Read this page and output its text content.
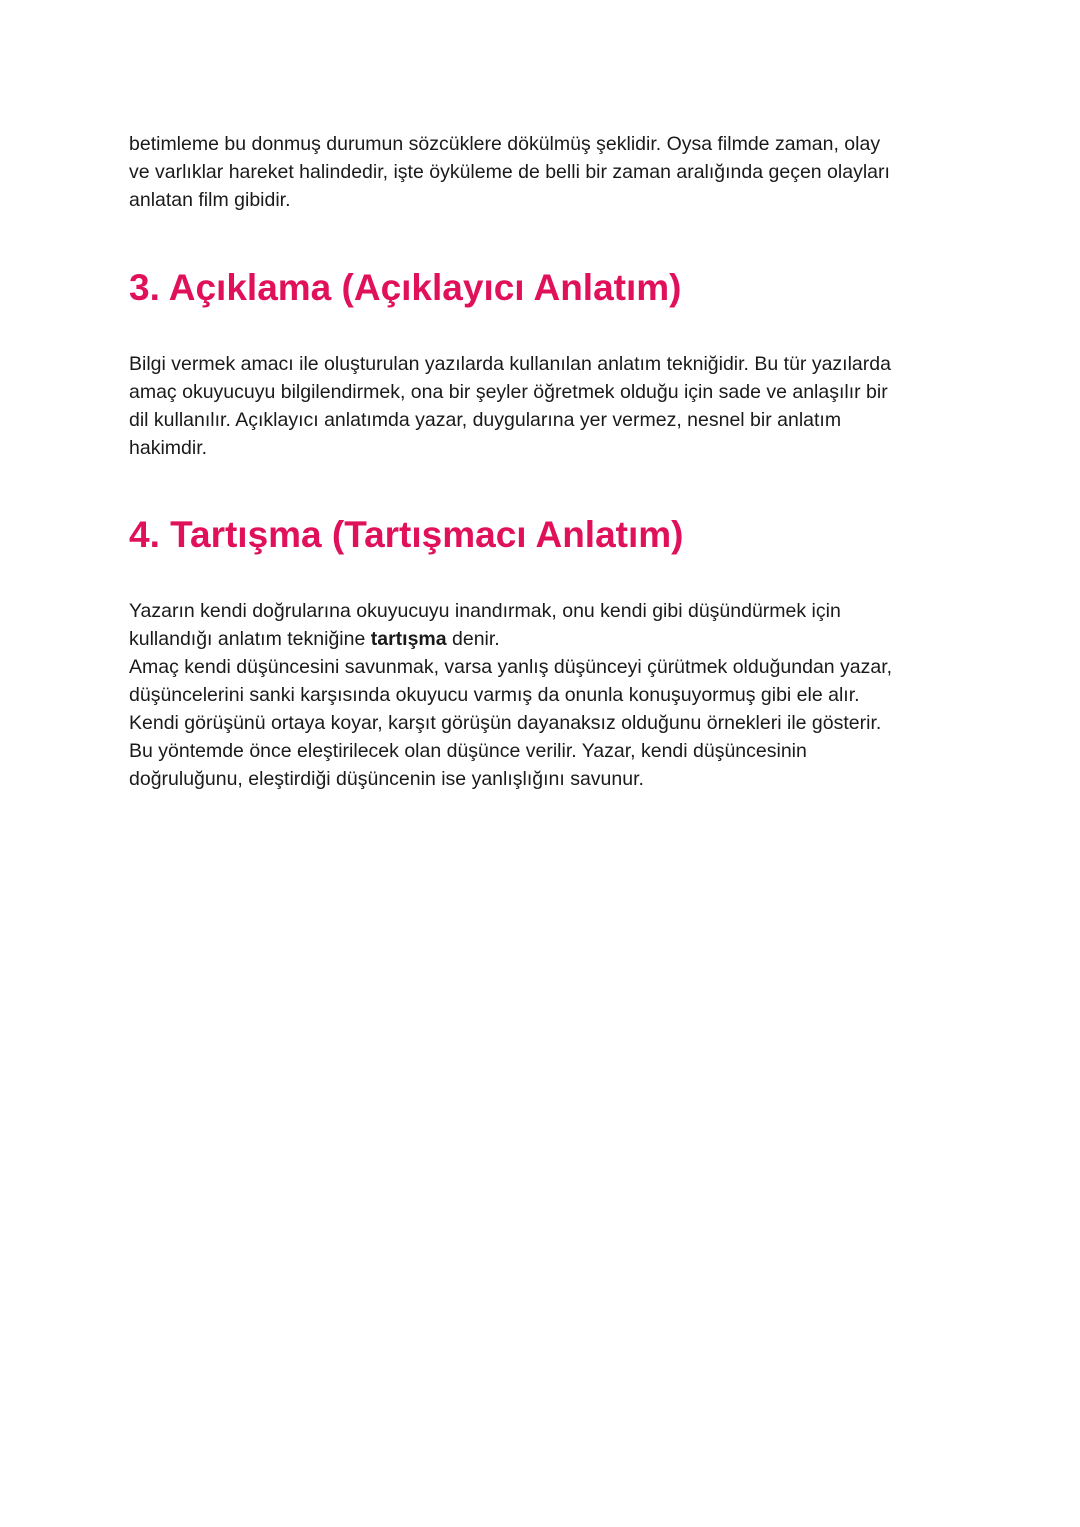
betimleme bu donmuş durumun sözcüklere dökülmüş şeklidir. Oysa filmde zaman, olay
ve varlıklar hareket halindedir, işte öyküleme de belli bir zaman aralığında geçen olayları
anlatan film gibidir.

3. Açıklama (Açıklayıcı Anlatım)

Bilgi vermek amacı ile oluşturulan yazılarda kullanılan anlatım tekniğidir. Bu tür yazılarda
amaç okuyucuyu bilgilendirmek, ona bir şeyler öğretmek olduğu için sade ve anlaşılır bir
dil kullanılır. Açıklayıcı anlatımda yazar, duygularına yer vermez, nesnel bir anlatım
hakimdir.

4. Tartışma (Tartışmacı Anlatım)

Yazarın kendi doğrularına okuyucuyu inandırmak, onu kendi gibi düşündürmek için
kullandığı anlatım tekniğine tartışma denir.
Amaç kendi düşüncesini savunmak, varsa yanlış düşünceyi çürütmek olduğundan yazar,
düşüncelerini sanki karşısında okuyucu varmış da onunla konuşuyormuş gibi ele alır.
Kendi görüşünü ortaya koyar, karşıt görüşün dayanaksız olduğunu örnekleri ile gösterir.
Bu yöntemde önce eleştirilecek olan düşünce verilir. Yazar, kendi düşüncesinin
doğruluğunu, eleştirdiği düşüncenin ise yanlışlığını savunur.
